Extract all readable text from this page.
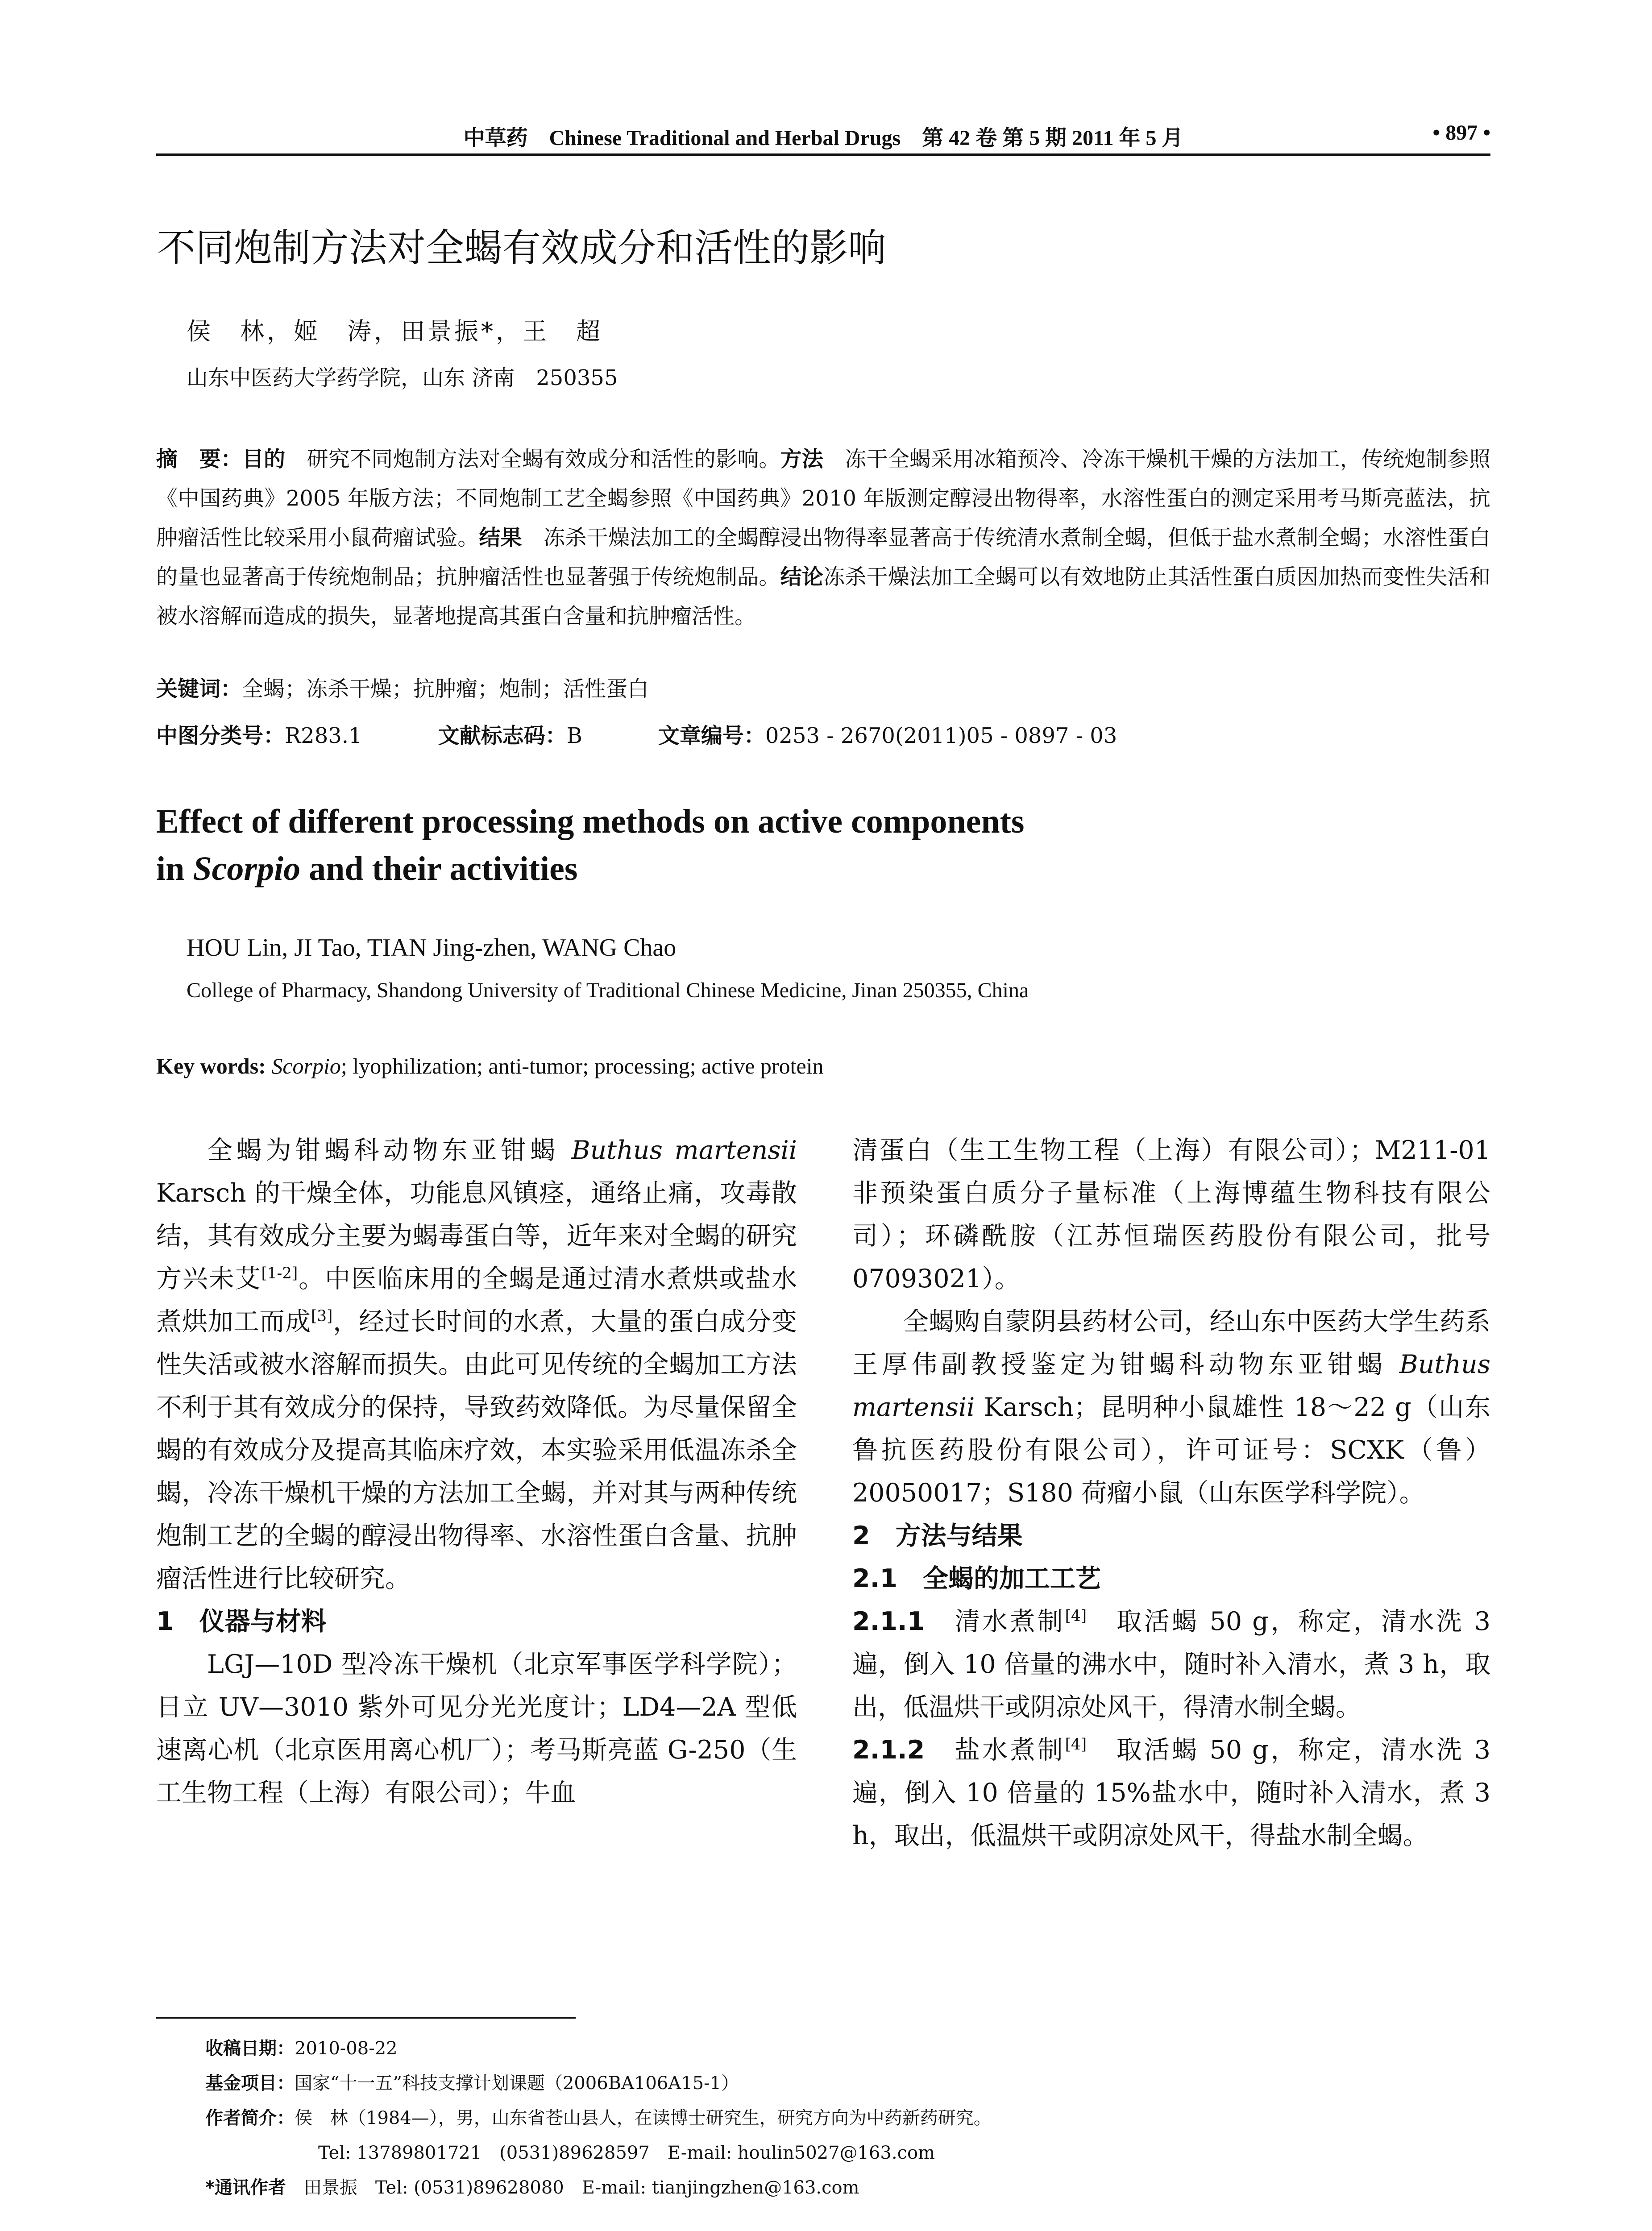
中草药　Chinese Traditional and Herbal Drugs　第 42 卷 第 5 期 2011 年 5 月	• 897 •
不同炮制方法对全蝎有效成分和活性的影响
侯　林，姬　涛，田景振*，王　超
山东中医药大学药学院，山东 济南　250355
摘　要：目的　研究不同炮制方法对全蝎有效成分和活性的影响。方法　冻干全蝎采用冰箱预冷、冷冻干燥机干燥的方法加工，传统炮制参照《中国药典》2005 年版方法；不同炮制工艺全蝎参照《中国药典》2010 年版测定醇浸出物得率，水溶性蛋白的测定采用考马斯亮蓝法，抗肿瘤活性比较采用小鼠荷瘤试验。结果　冻杀干燥法加工的全蝎醇浸出物得率显著高于传统清水煮制全蝎，但低于盐水煮制全蝎；水溶性蛋白的量也显著高于传统炮制品；抗肿瘤活性也显著强于传统炮制品。结论冻杀干燥法加工全蝎可以有效地防止其活性蛋白质因加热而变性失活和被水溶解而造成的损失，显著地提高其蛋白含量和抗肿瘤活性。
关键词：全蝎；冻杀干燥；抗肿瘤；炮制；活性蛋白
中图分类号：R283.1	文献标志码：B	文章编号：0253 - 2670(2011)05 - 0897 - 03
Effect of different processing methods on active components
in Scorpio and their activities
HOU Lin, JI Tao, TIAN Jing-zhen, WANG Chao
College of Pharmacy, Shandong University of Traditional Chinese Medicine, Jinan 250355, China
Key words: Scorpio; lyophilization; anti-tumor; processing; active protein

全蝎为钳蝎科动物东亚钳蝎 Buthus martensii Karsch 的干燥全体，功能息风镇痉，通络止痛，攻毒散结，其有效成分主要为蝎毒蛋白等，近年来对全蝎的研究方兴未艾[1-2]。中医临床用的全蝎是通过清水煮烘或盐水煮烘加工而成[3]，经过长时间的水煮，大量的蛋白成分变性失活或被水溶解而损失。由此可见传统的全蝎加工方法不利于其有效成分的保持，导致药效降低。为尽量保留全蝎的有效成分及提高其临床疗效，本实验采用低温冻杀全蝎，冷冻干燥机干燥的方法加工全蝎，并对其与两种传统炮制工艺的全蝎的醇浸出物得率、水溶性蛋白含量、抗肿瘤活性进行比较研究。

1　仪器与材料

LGJ—10D 型冷冻干燥机（北京军事医学科学院）；日立 UV—3010 紫外可见分光光度计；LD4—2A 型低速离心机（北京医用离心机厂）；考马斯亮蓝 G-250（生工生物工程（上海）有限公司）；牛血

清蛋白（生工生物工程（上海）有限公司）；M211-01 非预染蛋白质分子量标准（上海博蕴生物科技有限公司）；环磷酰胺（江苏恒瑞医药股份有限公司，批号 07093021）。

全蝎购自蒙阴县药材公司，经山东中医药大学生药系王厚伟副教授鉴定为钳蝎科动物东亚钳蝎 Buthus martensii Karsch；昆明种小鼠雄性 18～22 g（山东鲁抗医药股份有限公司），许可证号：SCXK（鲁）20050017；S180 荷瘤小鼠（山东医学科学院）。

2　方法与结果

2.1　全蝎的加工工艺

2.1.1　清水煮制[4]　取活蝎 50 g，称定，清水洗 3 遍，倒入 10 倍量的沸水中，随时补入清水，煮 3 h，取出，低温烘干或阴凉处风干，得清水制全蝎。

2.1.2　盐水煮制[4]　取活蝎 50 g，称定，清水洗 3 遍，倒入 10 倍量的 15%盐水中，随时补入清水，煮 3 h，取出，低温烘干或阴凉处风干，得盐水制全蝎。

收稿日期：2010-08-22
基金项目：国家“十一五”科技支撑计划课题（2006BA106A15-1）
作者简介：侯　林（1984—），男，山东省苍山县人，在读博士研究生，研究方向为中药新药研究。
Tel: 13789801721　(0531)89628597　E-mail: houlin5027@163.com
*通讯作者　田景振　Tel: (0531)89628080　E-mail: tianjingzhen@163.com
